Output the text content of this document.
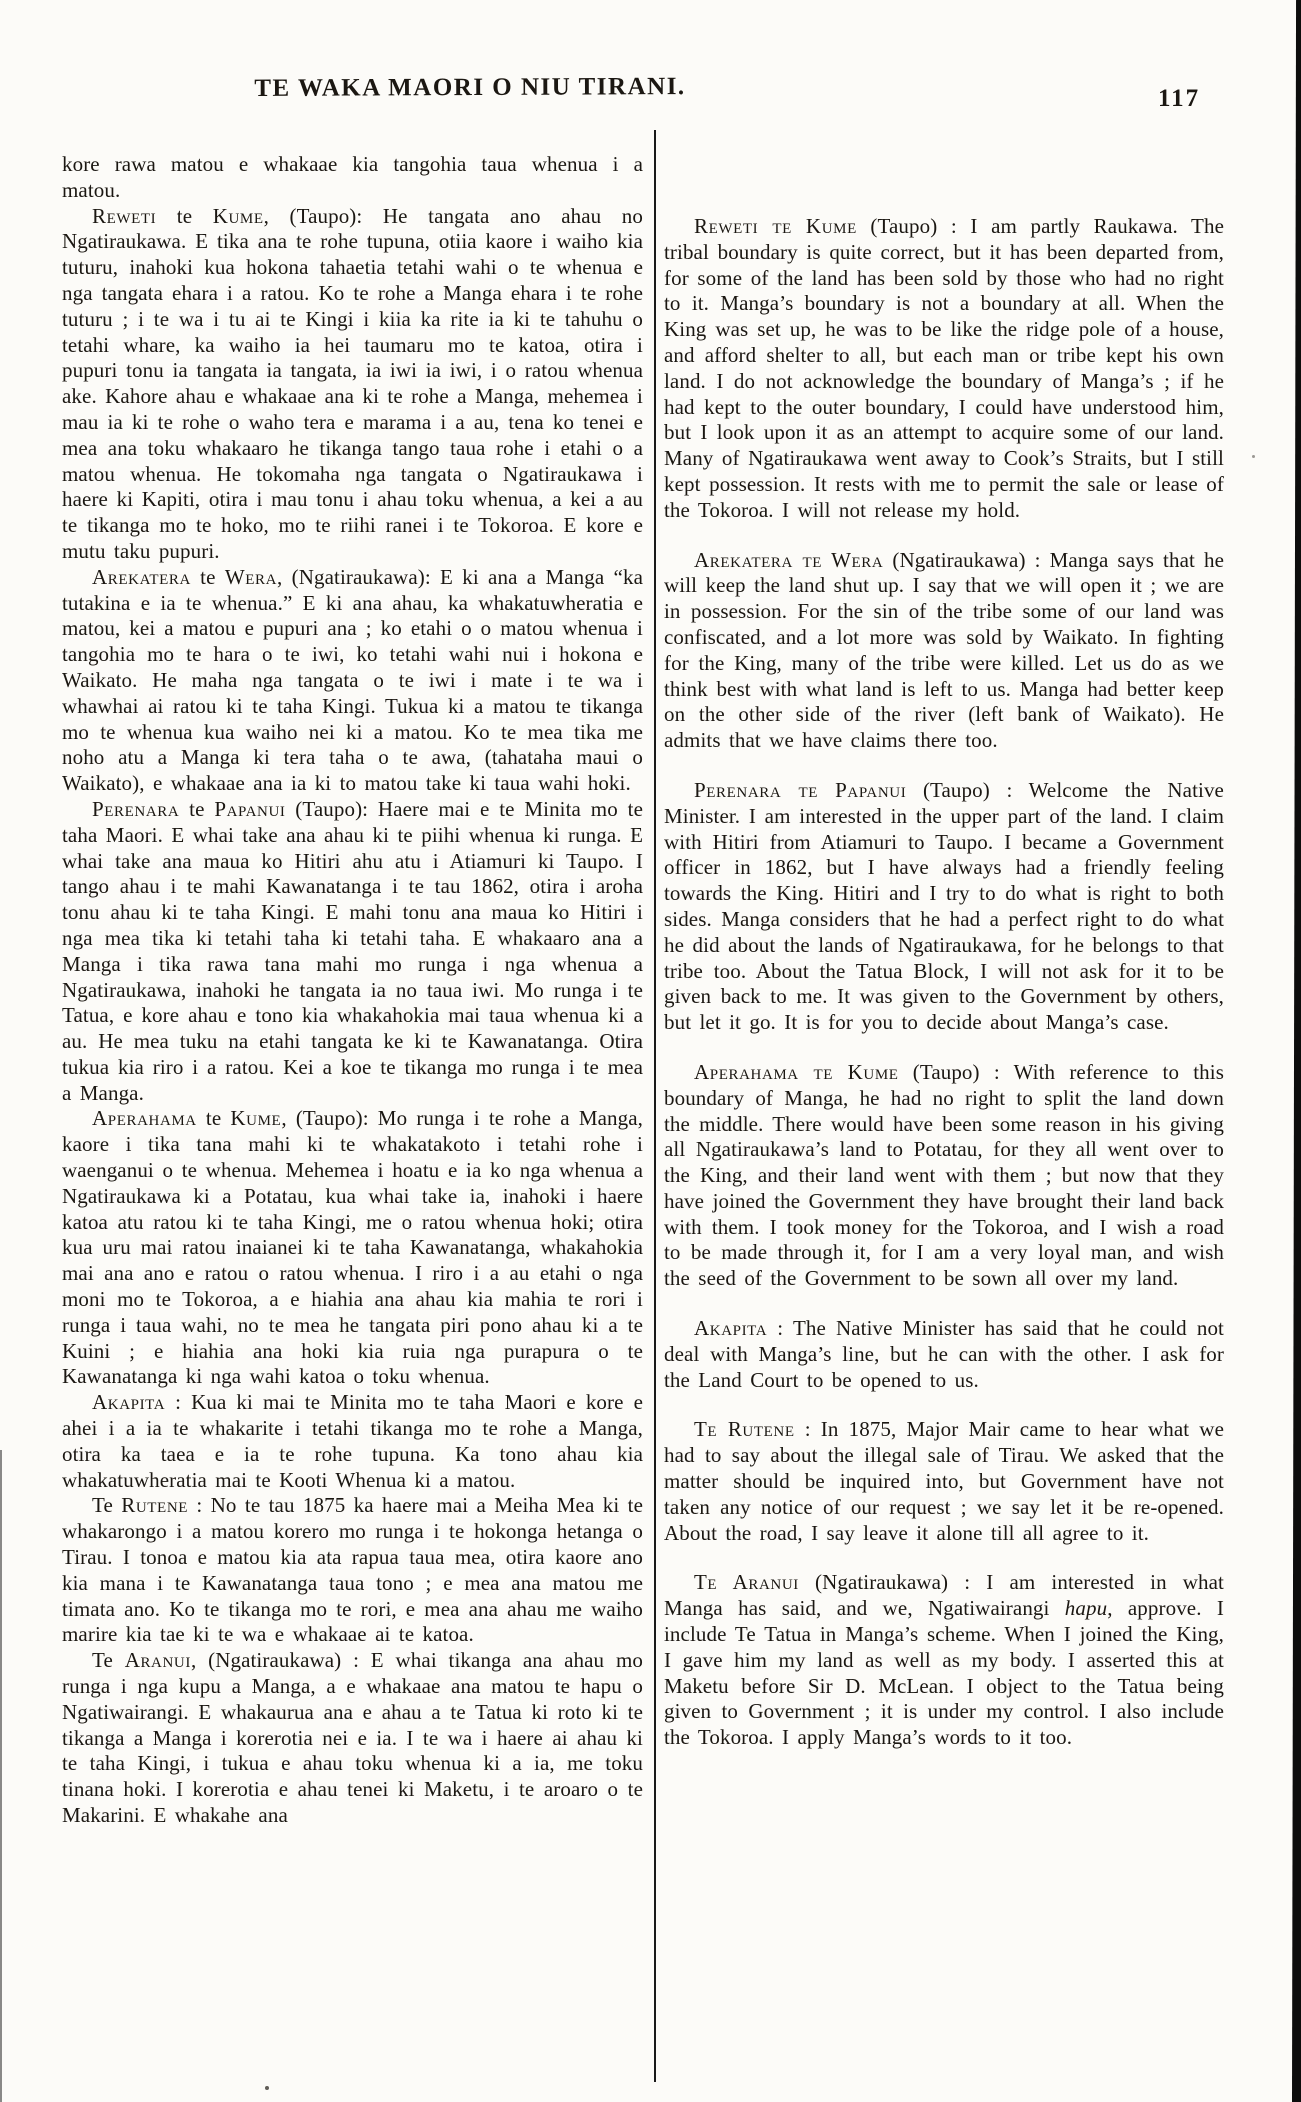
TE WAKA MAORI O NIU TIRANI.	117

kore rawa matou e whakaae kia tangohia taua whenua i a matou.

Reweti te Kume, (Taupo): He tangata ano ahau no Ngatiraukawa. E tika ana te rohe tupuna, otiia kaore i waiho kia tuturu, inahoki kua hokona tahaetia tetahi wahi o te whenua e nga tangata ehara i a ratou. Ko te rohe a Manga ehara i te rohe tuturu ; i te wa i tu ai te Kingi i kiia ka rite ia ki te tahuhu o tetahi whare, ka waiho ia hei taumaru mo te katoa, otira i pupuri tonu ia tangata ia tangata, ia iwi ia iwi, i o ratou whenua ake. Kahore ahau e whakaae ana ki te rohe a Manga, mehemea i mau ia ki te rohe o waho tera e marama i a au, tena ko tenei e mea ana toku whakaaro he tikanga tango taua rohe i etahi o a matou whenua. He tokomaha nga tangata o Ngatiraukawa i haere ki Kapiti, otira i mau tonu i ahau toku whenua, a kei a au te tikanga mo te hoko, mo te riihi ranei i te Tokoroa. E kore e mutu taku pupuri.

Arekatera te Wera, (Ngatiraukawa): E ki ana a Manga “ka tutakina e ia te whenua.” E ki ana ahau, ka whakatuwheratia e matou, kei a matou e pupuri ana ; ko etahi o o matou whenua i tangohia mo te hara o te iwi, ko tetahi wahi nui i hokona e Waikato. He maha nga tangata o te iwi i mate i te wa i whawhai ai ratou ki te taha Kingi. Tukua ki a matou te tikanga mo te whenua kua waiho nei ki a matou. Ko te mea tika me noho atu a Manga ki tera taha o te awa, (tahataha maui o Waikato), e whakaae ana ia ki to matou take ki taua wahi hoki.

Perenara te Papanui (Taupo): Haere mai e te Minita mo te taha Maori. E whai take ana ahau ki te piihi whenua ki runga. E whai take ana maua ko Hitiri ahu atu i Atiamuri ki Taupo. I tango ahau i te mahi Kawanatanga i te tau 1862, otira i aroha tonu ahau ki te taha Kingi. E mahi tonu ana maua ko Hitiri i nga mea tika ki tetahi taha ki tetahi taha. E whakaaro ana a Manga i tika rawa tana mahi mo runga i nga whenua a Ngatiraukawa, inahoki he tangata ia no taua iwi. Mo runga i te Tatua, e kore ahau e tono kia whakahokia mai taua whenua ki a au. He mea tuku na etahi tangata ke ki te Kawanatanga. Otira tukua kia riro i a ratou. Kei a koe te tikanga mo runga i te mea a Manga.

Aperahama te Kume, (Taupo): Mo runga i te rohe a Manga, kaore i tika tana mahi ki te whakatakoto i tetahi rohe i waenganui o te whenua. Mehemea i hoatu e ia ko nga whenua a Ngatiraukawa ki a Potatau, kua whai take ia, inahoki i haere katoa atu ratou ki te taha Kingi, me o ratou whenua hoki; otira kua uru mai ratou inaianei ki te taha Kawanatanga, whakahokia mai ana ano e ratou o ratou whenua. I riro i a au etahi o nga moni mo te Tokoroa, a e hiahia ana ahau kia mahia te rori i runga i taua wahi, no te mea he tangata piri pono ahau ki a te Kuini ; e hiahia ana hoki kia ruia nga purapura o te Kawanatanga ki nga wahi katoa o toku whenua.

Akapita : Kua ki mai te Minita mo te taha Maori e kore e ahei i a ia te whakarite i tetahi tikanga mo te rohe a Manga, otira ka taea e ia te rohe tupuna. Ka tono ahau kia whakatuwheratia mai te Kooti Whenua ki a matou.

Te Rutene : No te tau 1875 ka haere mai a Meiha Mea ki te whakarongo i a matou korero mo runga i te hokonga hetanga o Tirau. I tonoa e matou kia ata rapua taua mea, otira kaore ano kia mana i te Kawanatanga taua tono ; e mea ana matou me timata ano. Ko te tikanga mo te rori, e mea ana ahau me waiho marire kia tae ki te wa e whakaae ai te katoa.

Te Aranui, (Ngatiraukawa) : E whai tikanga ana ahau mo runga i nga kupu a Manga, a e whakaae ana matou te hapu o Ngatiwairangi. E whakaurua ana e ahau a te Tatua ki roto ki te tikanga a Manga i korerotia nei e ia. I te wa i haere ai ahau ki te taha Kingi, i tukua e ahau toku whenua ki a ia, me toku tinana hoki. I korerotia e ahau tenei ki Maketu, i te aroaro o te Makarini. E whakahe ana

Reweti te Kume (Taupo) : I am partly Raukawa. The tribal boundary is quite correct, but it has been departed from, for some of the land has been sold by those who had no right to it. Manga’s boundary is not a boundary at all. When the King was set up, he was to be like the ridge pole of a house, and afford shelter to all, but each man or tribe kept his own land. I do not acknowledge the boundary of Manga’s ; if he had kept to the outer boundary, I could have understood him, but I look upon it as an attempt to acquire some of our land. Many of Ngatiraukawa went away to Cook’s Straits, but I still kept possession. It rests with me to permit the sale or lease of the Tokoroa. I will not release my hold.

Arekatera te Wera (Ngatiraukawa) : Manga says that he will keep the land shut up. I say that we will open it ; we are in possession. For the sin of the tribe some of our land was confiscated, and a lot more was sold by Waikato. In fighting for the King, many of the tribe were killed. Let us do as we think best with what land is left to us. Manga had better keep on the other side of the river (left bank of Waikato). He admits that we have claims there too.

Perenara te Papanui (Taupo) : Welcome the Native Minister. I am interested in the upper part of the land. I claim with Hitiri from Atiamuri to Taupo. I became a Government officer in 1862, but I have always had a friendly feeling towards the King. Hitiri and I try to do what is right to both sides. Manga considers that he had a perfect right to do what he did about the lands of Ngatiraukawa, for he belongs to that tribe too. About the Tatua Block, I will not ask for it to be given back to me. It was given to the Government by others, but let it go. It is for you to decide about Manga’s case.

Aperahama te Kume (Taupo) : With reference to this boundary of Manga, he had no right to split the land down the middle. There would have been some reason in his giving all Ngatiraukawa’s land to Potatau, for they all went over to the King, and their land went with them ; but now that they have joined the Government they have brought their land back with them. I took money for the Tokoroa, and I wish a road to be made through it, for I am a very loyal man, and wish the seed of the Government to be sown all over my land.

Akapita : The Native Minister has said that he could not deal with Manga’s line, but he can with the other. I ask for the Land Court to be opened to us.

Te Rutene : In 1875, Major Mair came to hear what we had to say about the illegal sale of Tirau. We asked that the matter should be inquired into, but Government have not taken any notice of our request ; we say let it be re-opened. About the road, I say leave it alone till all agree to it.

Te Aranui (Ngatiraukawa) : I am interested in what Manga has said, and we, Ngatiwairangi hapu, approve. I include Te Tatua in Manga’s scheme. When I joined the King, I gave him my land as well as my body. I asserted this at Maketu before Sir D. McLean. I object to the Tatua being given to Government ; it is under my control. I also include the Tokoroa. I apply Manga’s words to it too.
